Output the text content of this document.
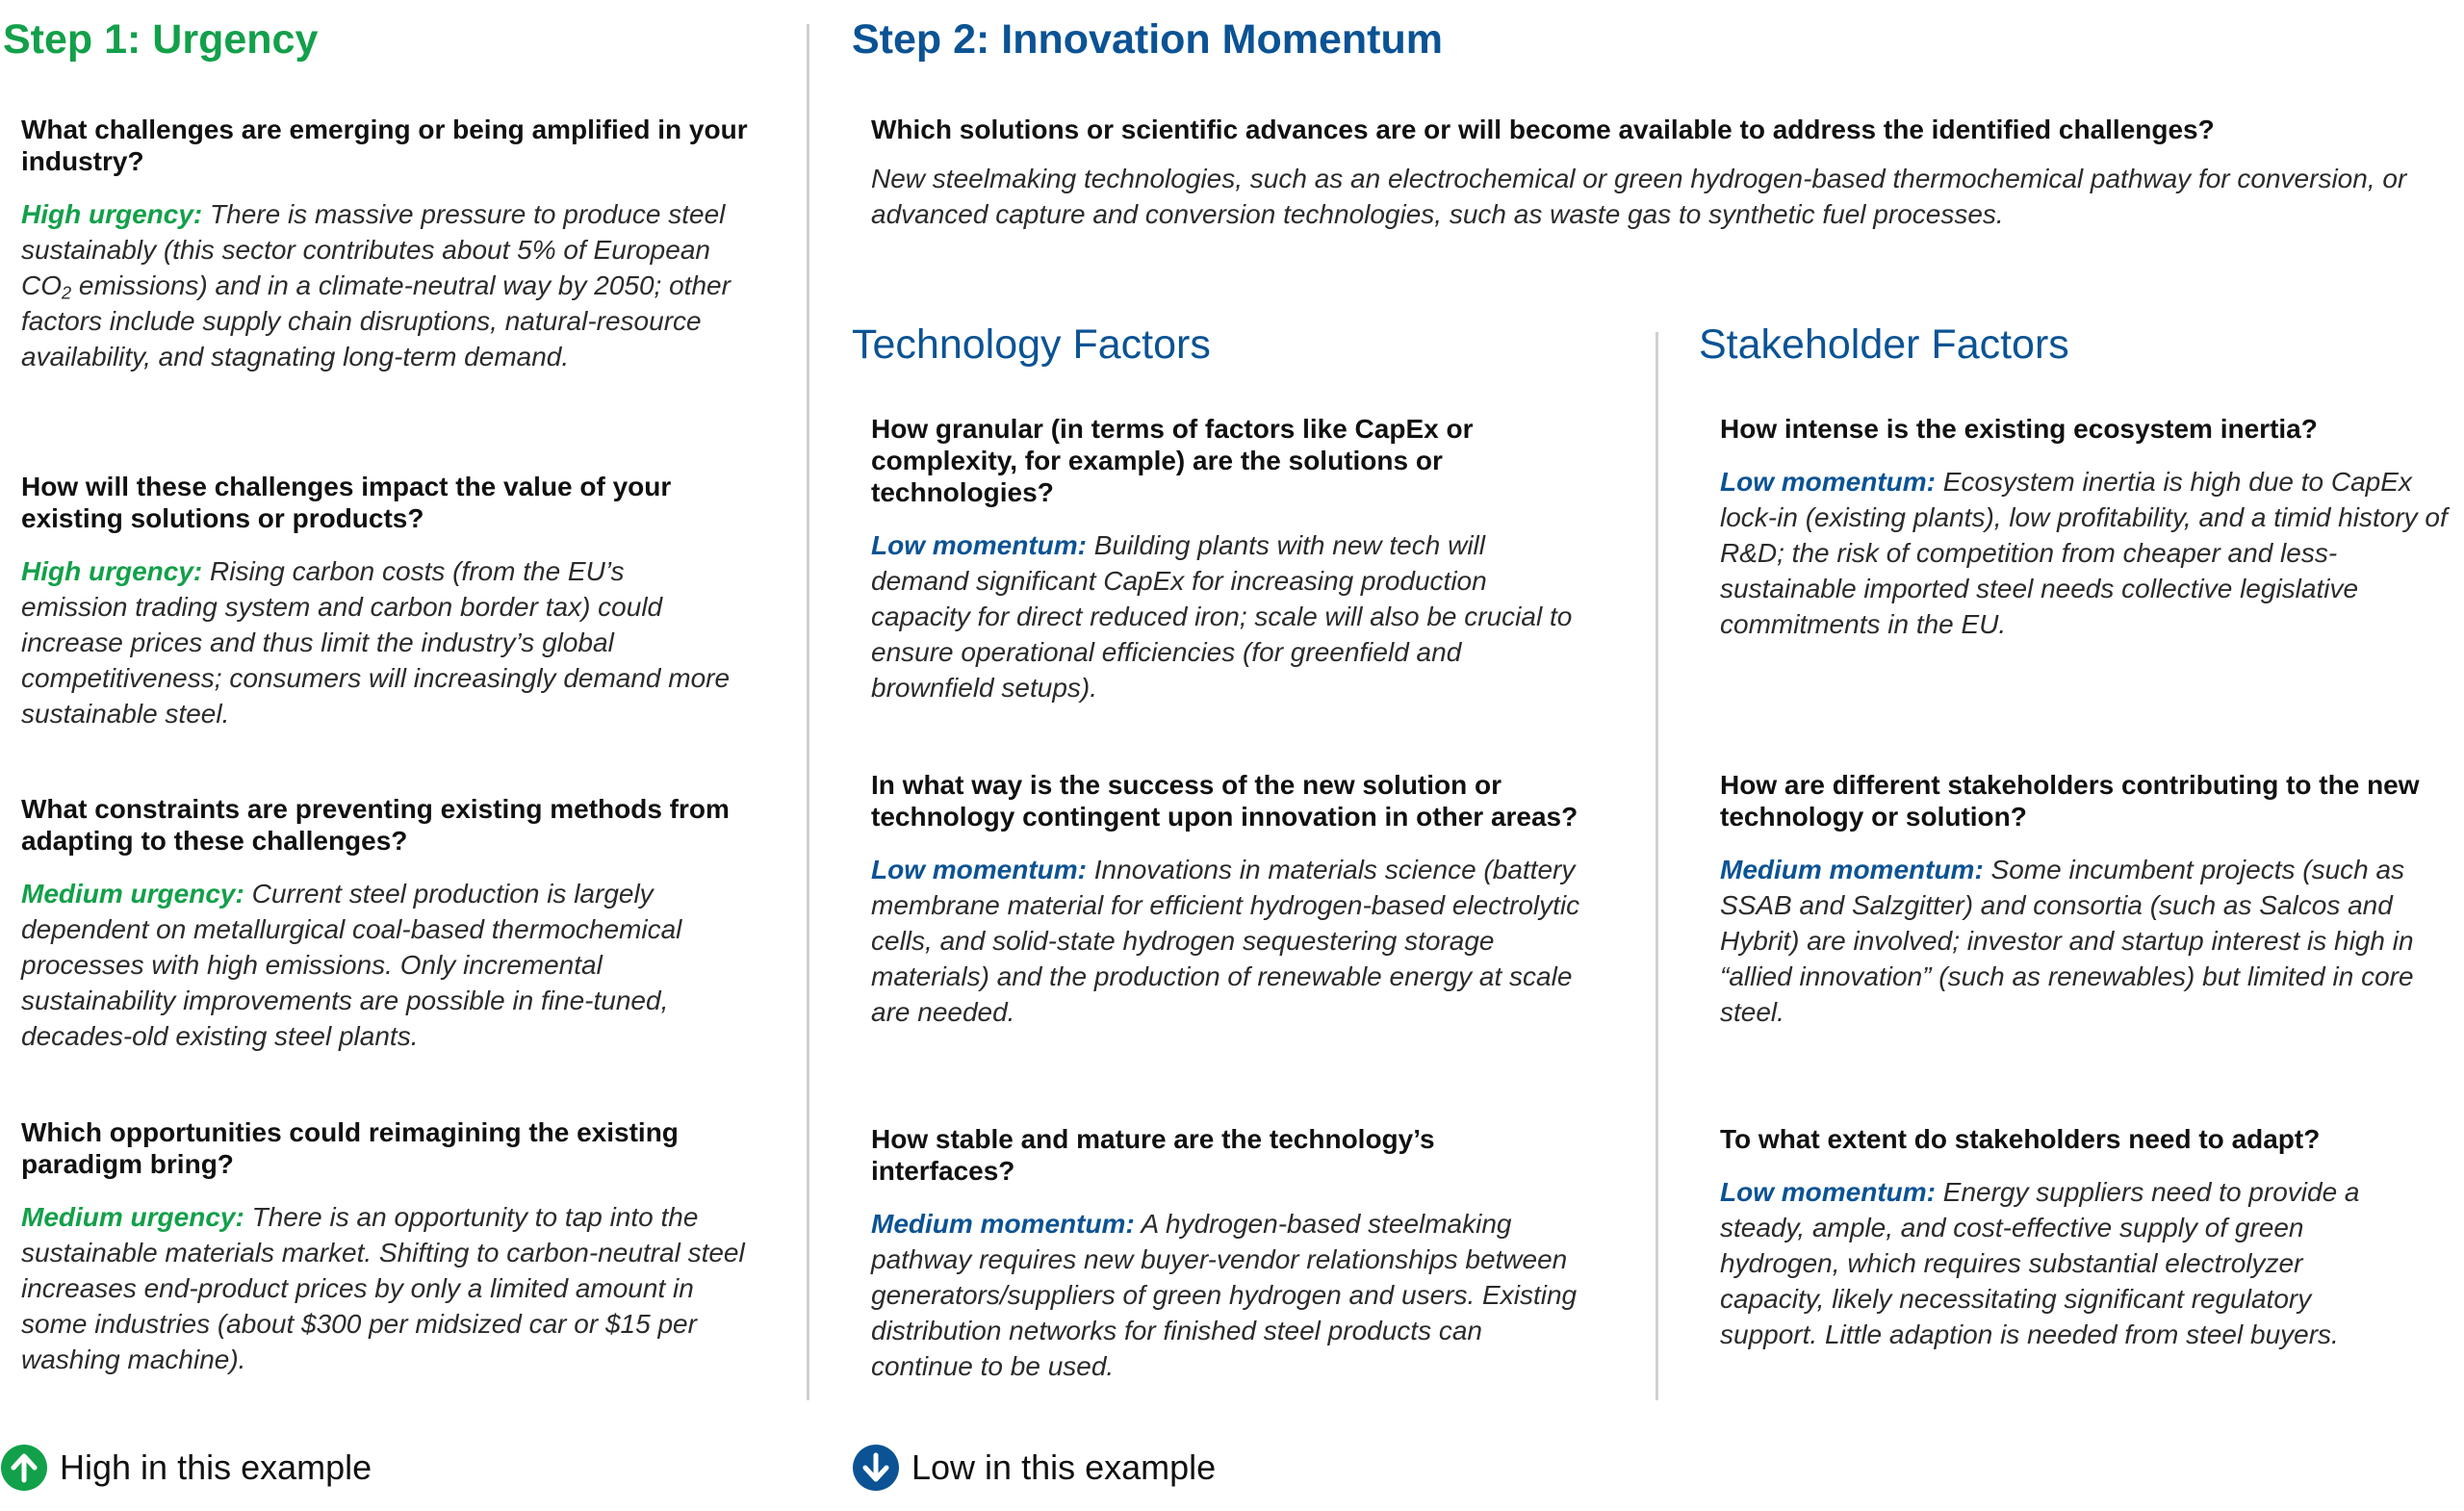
Step 1: Urgency

What challenges are emerging or being amplified in your industry?

High urgency: There is massive pressure to produce steel sustainably (this sector contributes about 5% of European $CO_2$ emissions) and in a climate-neutral way by 2050; other factors include supply chain disruptions, natural-resource availability, and stagnating long-term demand.

How will these challenges impact the value of your existing solutions or products?

High urgency: Rising carbon costs (from the EU’s emission trading system and carbon border tax) could increase prices and thus limit the industry’s global competitiveness; consumers will increasingly demand more sustainable steel.

What constraints are preventing existing methods from adapting to these challenges?

Medium urgency: Current steel production is largely dependent on metallurgical coal-based thermochemical processes with high emissions. Only incremental sustainability improvements are possible in fine-tuned, decades-old existing steel plants.

Which opportunities could reimagining the existing paradigm bring?

Medium urgency: There is an opportunity to tap into the sustainable materials market. Shifting to carbon-neutral steel increases end-product prices by only a limited amount in some industries (about $300 per midsized car or $15 per washing machine).

High in this example
Step 2: Innovation Momentum

Which solutions or scientific advances are or will become available to address the identified challenges?

New steelmaking technologies, such as an electrochemical or green hydrogen-based thermochemical pathway for conversion, or advanced capture and conversion technologies, such as waste gas to synthetic fuel processes.

Technology Factors

How granular (in terms of factors like CapEx or complexity, for example) are the solutions or technologies?

Low momentum: Building plants with new tech will demand significant CapEx for increasing production capacity for direct reduced iron; scale will also be crucial to ensure operational efficiencies (for greenfield and brownfield setups).

In what way is the success of the new solution or technology contingent upon innovation in other areas?

Low momentum: Innovations in materials science (battery membrane material for efficient hydrogen-based electrolytic cells, and solid-state hydrogen sequestering storage materials) and the production of renewable energy at scale are needed.

How stable and mature are the technology’s interfaces?

Medium momentum: A hydrogen-based steelmaking pathway requires new buyer-vendor relationships between generators/suppliers of green hydrogen and users. Existing distribution networks for finished steel products can continue to be used.

Low in this example
Stakeholder Factors

How intense is the existing ecosystem inertia?

Low momentum: Ecosystem inertia is high due to CapEx lock-in (existing plants), low profitability, and a timid history of R&D; the risk of competition from cheaper and less-sustainable imported steel needs collective legislative commitments in the EU.

How are different stakeholders contributing to the new technology or solution?

Medium momentum: Some incumbent projects (such as SSAB and Salzgitter) and consortia (such as Salcos and Hybrit) are involved; investor and startup interest is high in “allied innovation” (such as renewables) but limited in core steel.

To what extent do stakeholders need to adapt?

Low momentum: Energy suppliers need to provide a steady, ample, and cost-effective supply of green hydrogen, which requires substantial electrolyzer capacity, likely necessitating significant regulatory support. Little adaption is needed from steel buyers.
